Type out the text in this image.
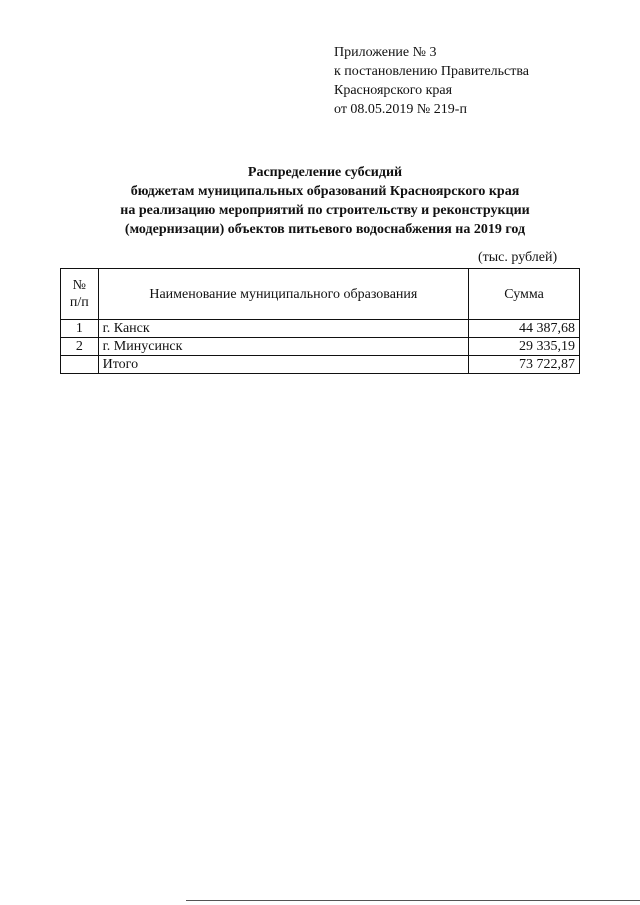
Приложение № 3
к постановлению Правительства
Красноярского края
от 08.05.2019 № 219-п
Распределение субсидий
бюджетам муниципальных образований Красноярского края
на реализацию мероприятий по строительству и реконструкции
(модернизации) объектов питьевого водоснабжения на 2019 год
(тыс. рублей)
№
п/п	Наименование муниципального образования	Сумма
1	г. Канск	44 387,68
2	г. Минусинск	29 335,19
	Итого	73 722,87
